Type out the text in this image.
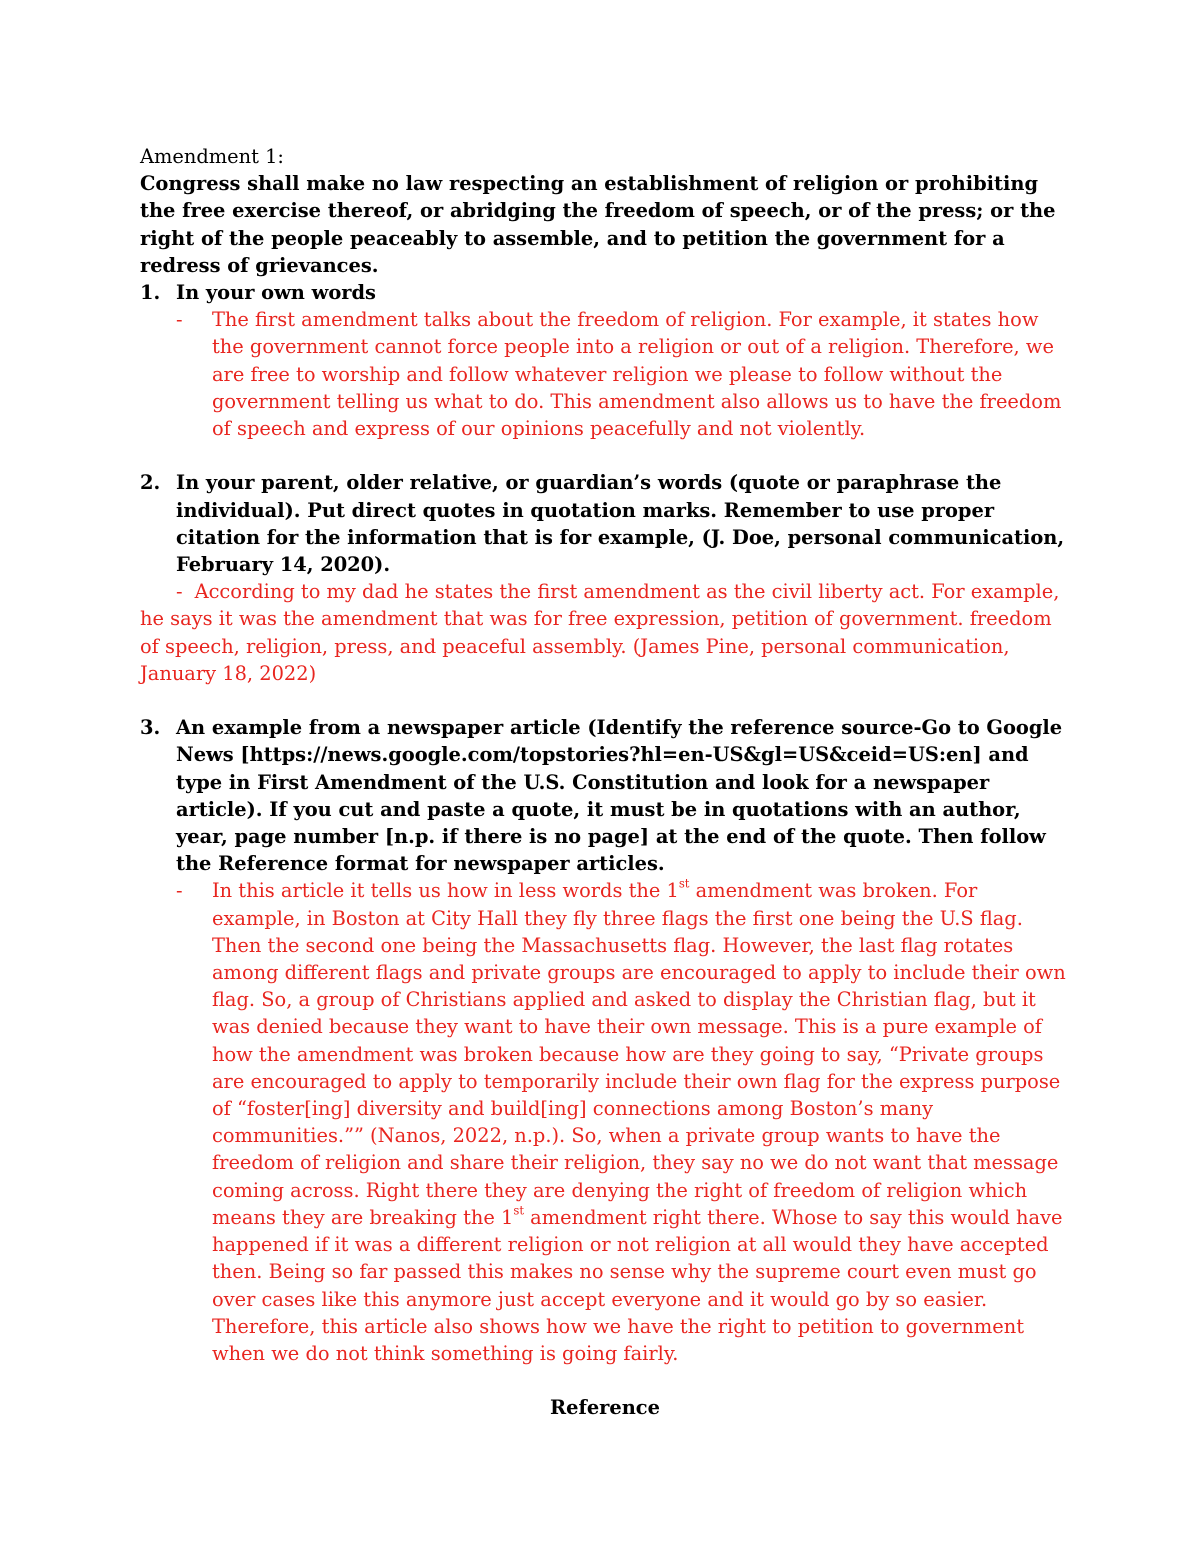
Amendment 1:

Congress shall make no law respecting an establishment of religion or prohibiting the free exercise thereof, or abridging the freedom of speech, or of the press; or the right of the people peaceably to assemble, and to petition the government for a redress of grievances.

1. In your own words
- The first amendment talks about the freedom of religion. For example, it states how the government cannot force people into a religion or out of a religion. Therefore, we are free to worship and follow whatever religion we please to follow without the government telling us what to do. This amendment also allows us to have the freedom of speech and express of our opinions peacefully and not violently.
2. In your parent, older relative, or guardian’s words (quote or paraphrase the individual). Put direct quotes in quotation marks. Remember to use proper citation for the information that is for example, (J. Doe, personal communication, February 14, 2020).

- According to my dad he states the first amendment as the civil liberty act. For example, he says it was the amendment that was for free expression, petition of government. freedom of speech, religion, press, and peaceful assembly. (James Pine, personal communication, January 18, 2022)

3. An example from a newspaper article (Identify the reference source-Go to Google News [https://news.google.com/topstories?hl=en-US&gl=US&ceid=US:en] and type in First Amendment of the U.S. Constitution and look for a newspaper article). If you cut and paste a quote, it must be in quotations with an author, year, page number [n.p. if there is no page] at the end of the quote. Then follow the Reference format for newspaper articles.
- In this article it tells us how in less words the 1st amendment was broken. For example, in Boston at City Hall they fly three flags the first one being the U.S flag. Then the second one being the Massachusetts flag. However, the last flag rotates among different flags and private groups are encouraged to apply to include their own flag. So, a group of Christians applied and asked to display the Christian flag, but it was denied because they want to have their own message. This is a pure example of how the amendment was broken because how are they going to say, “Private groups are encouraged to apply to temporarily include their own flag for the express purpose of “foster[ing] diversity and build[ing] connections among Boston’s many communities.”” (Nanos, 2022, n.p.). So, when a private group wants to have the freedom of religion and share their religion, they say no we do not want that message coming across. Right there they are denying the right of freedom of religion which means they are breaking the 1st amendment right there. Whose to say this would have happened if it was a different religion or not religion at all would they have accepted then. Being so far passed this makes no sense why the supreme court even must go over cases like this anymore just accept everyone and it would go by so easier. Therefore, this article also shows how we have the right to petition to government when we do not think something is going fairly.

Reference
